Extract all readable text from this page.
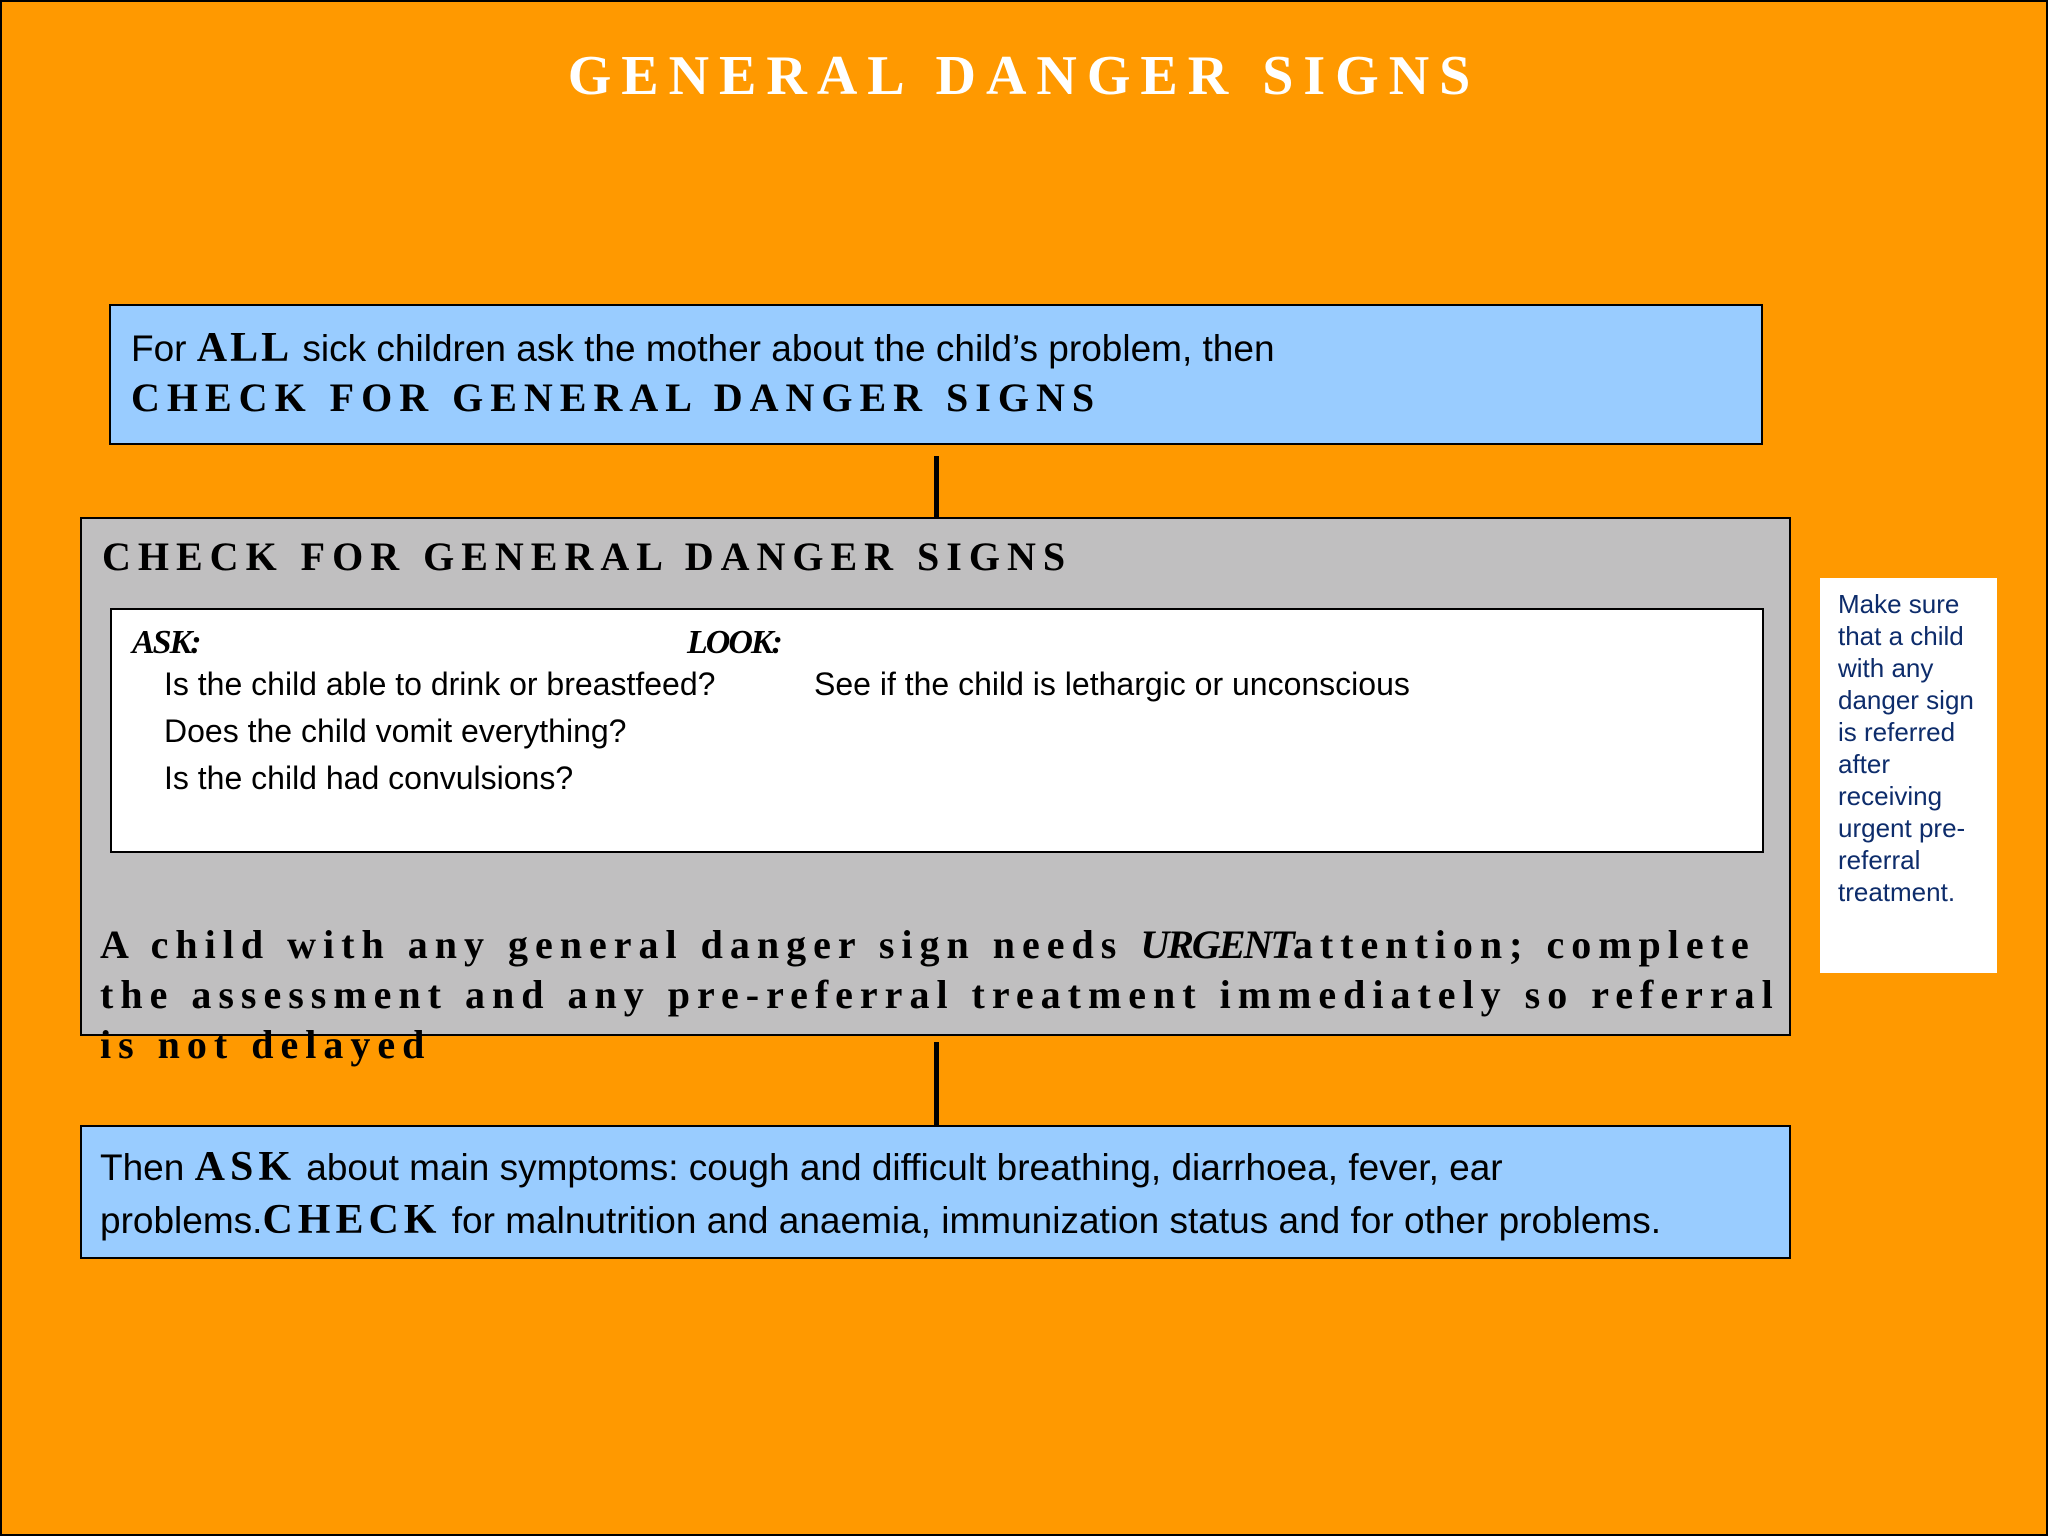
GENERAL DANGER SIGNS
For ALL sick children ask the mother about the child’s problem, then
CHECK FOR GENERAL DANGER SIGNS
CHECK FOR GENERAL DANGER SIGNS
ASK:	LOOK:
Is the child able to drink or breastfeed?
Does the child vomit everything?
Is the child had convulsions?
See if the child is lethargic or unconscious
A child with any general danger sign needs URGENTattention; complete the assessment and any pre-referral treatment immediately so referral is not delayed
Then ASK about main symptoms: cough and difficult breathing, diarrhoea, fever, ear problems.CHECK for malnutrition and anaemia, immunization status and for other problems.
Make sure that a child with any danger sign is referred after receiving urgent pre-referral treatment.
